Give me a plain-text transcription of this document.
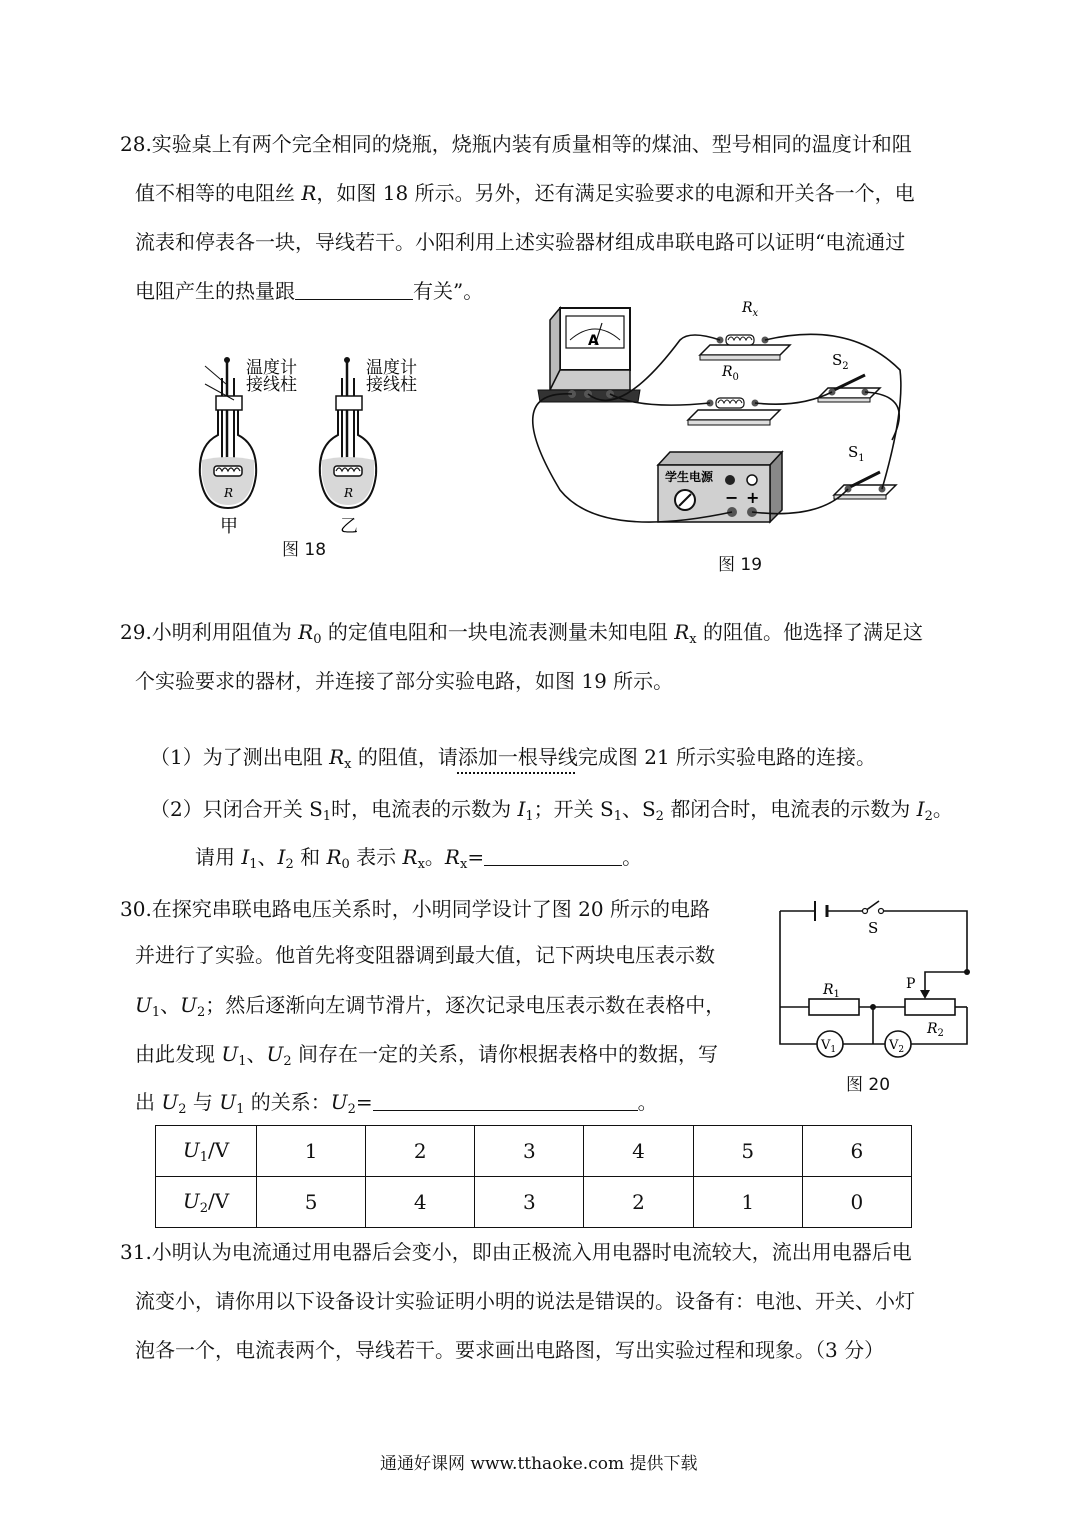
28.实验桌上有两个完全相同的烧瓶，烧瓶内装有质量相等的煤油、型号相同的温度计和阻
值不相等的电阻丝 R，如图 18 所示。另外，还有满足实验要求的电源和开关各一个，电
流表和停表各一块，导线若干。小阳利用上述实验器材组成串联电路可以证明“电流通过
电阻产生的热量跟	有关”。
R
温度计
接线柱
甲
R
温度计
接线柱
乙
图 18
A
$R_x$
$R_0$
$S_2$
$S_1$
学生电源
− +
图 19
29.小明利用阻值为 $R_0$ 的定值电阻和一块电流表测量未知电阻 $R_x$ 的阻值。他选择了满足这
个实验要求的器材，并连接了部分实验电路，如图 19 所示。
（1）为了测出电阻 $R_x$ 的阻值，请添加一根导线完成图 21 所示实验电路的连接。
（2）只闭合开关 $S_1$时，电流表的示数为 $I_1$；开关 $S_1$、$S_2$ 都闭合时，电流表的示数为 $I_2$。
请用 $I_1$、$I_2$ 和 $R_0$ 表示 $R_x$。$R_x=$	。
30.在探究串联电路电压关系时，小明同学设计了图 20 所示的电路
并进行了实验。他首先将变阻器调到最大值，记下两块电压表示数
$U_1$、$U_2$；然后逐渐向左调节滑片，逐次记录电压表示数在表格中，
由此发现 $U_1$、$U_2$ 间存在一定的关系，请你根据表格中的数据，写
出 $U_2$ 与 $U_1$ 的关系：$U_2=$	。
S
$R_1$
$R_2$
P
$V_1$	$V_2$
图 20
$U_1/V$	1	2	3	4	5	6
$U_2/V$	5	4	3	2	1	0
31.小明认为电流通过用电器后会变小，即由正极流入用电器时电流较大，流出用电器后电
流变小，请你用以下设备设计实验证明小明的说法是错误的。设备有：电池、开关、小灯
泡各一个，电流表两个，导线若干。要求画出电路图，写出实验过程和现象。（3 分）
通通好课网 www.tthaoke.com 提供下载
